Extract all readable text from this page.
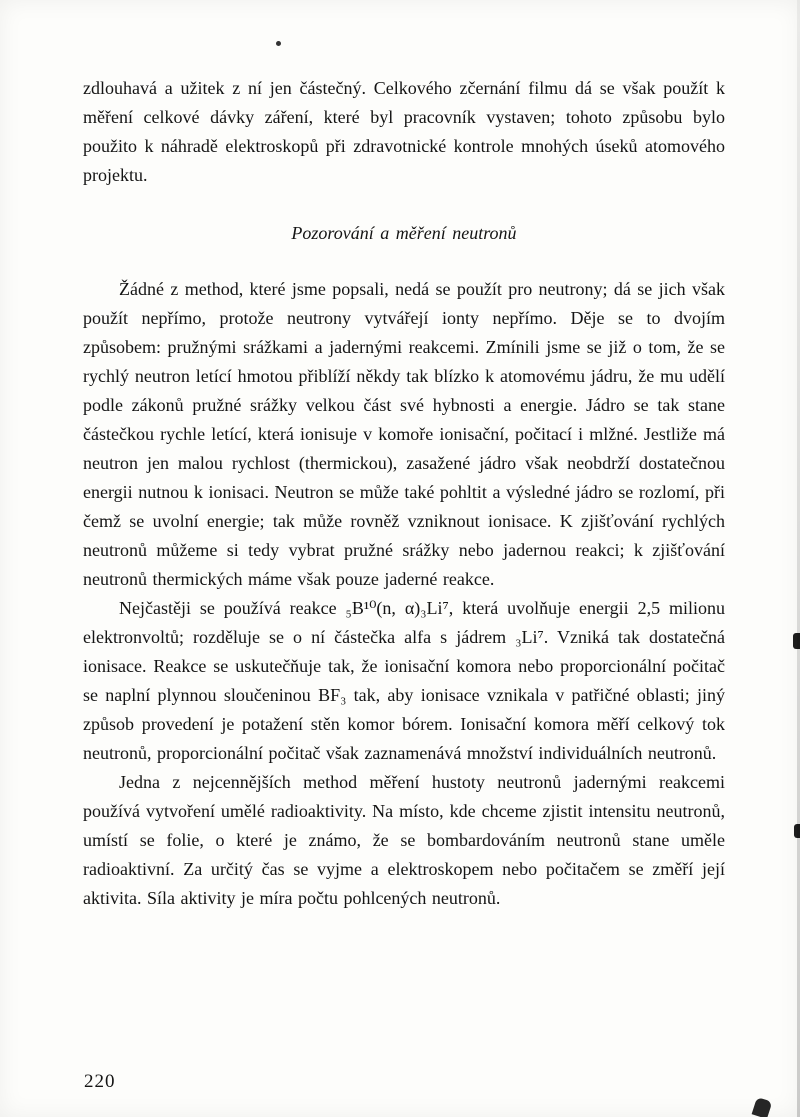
zdlouhavá a užitek z ní jen částečný. Celkového zčernání filmu dá se však použít k měření celkové dávky záření, které byl pracovník vystaven; tohoto způsobu bylo použito k náhradě elektroskopů při zdravotnické kontrole mnohých úseků atomového projektu.

Pozorování a měření neutronů

Žádné z method, které jsme popsali, nedá se použít pro neutrony; dá se jich však použít nepřímo, protože neutrony vytvářejí ionty nepřímo. Děje se to dvojím způsobem: pružnými srážkami a jadernými reakcemi. Zmínili jsme se již o tom, že se rychlý neutron letící hmotou přiblíží někdy tak blízko k atomovému jádru, že mu udělí podle zákonů pružné srážky velkou část své hybnosti a energie. Jádro se tak stane částečkou rychle letící, která ionisuje v komoře ionisační, počitací i mlžné. Jestliže má neutron jen malou rychlost (thermickou), zasažené jádro však neobdrží dostatečnou energii nutnou k ionisaci. Neutron se může také pohltit a výsledné jádro se rozlomí, při čemž se uvolní energie; tak může rovněž vzniknout ionisace. K zjišťování rychlých neutronů můžeme si tedy vybrat pružné srážky nebo jadernou reakci; k zjišťování neutronů thermických máme však pouze jaderné reakce.

Nejčastěji se používá reakce ₅B¹⁰(n, α)₃Li⁷, která uvolňuje energii 2,5 milionu elektronvoltů; rozděluje se o ní částečka alfa s jádrem ₃Li⁷. Vzniká tak dostatečná ionisace. Reakce se uskutečňuje tak, že ionisační komora nebo proporcionální počitač se naplní plynnou sloučeninou BF₃ tak, aby ionisace vznikala v patřičné oblasti; jiný způsob provedení je potažení stěn komor bórem. Ionisační komora měří celkový tok neutronů, proporcionální počitač však zaznamenává množství individuálních neutronů.

Jedna z nejcennějších method měření hustoty neutronů jadernými reakcemi používá vytvoření umělé radioaktivity. Na místo, kde chceme zjistit intensitu neutronů, umístí se folie, o které je známo, že se bombardováním neutronů stane uměle radioaktivní. Za určitý čas se vyjme a elektroskopem nebo počitačem se změří její aktivita. Síla aktivity je míra počtu pohlcených neutronů.

220
